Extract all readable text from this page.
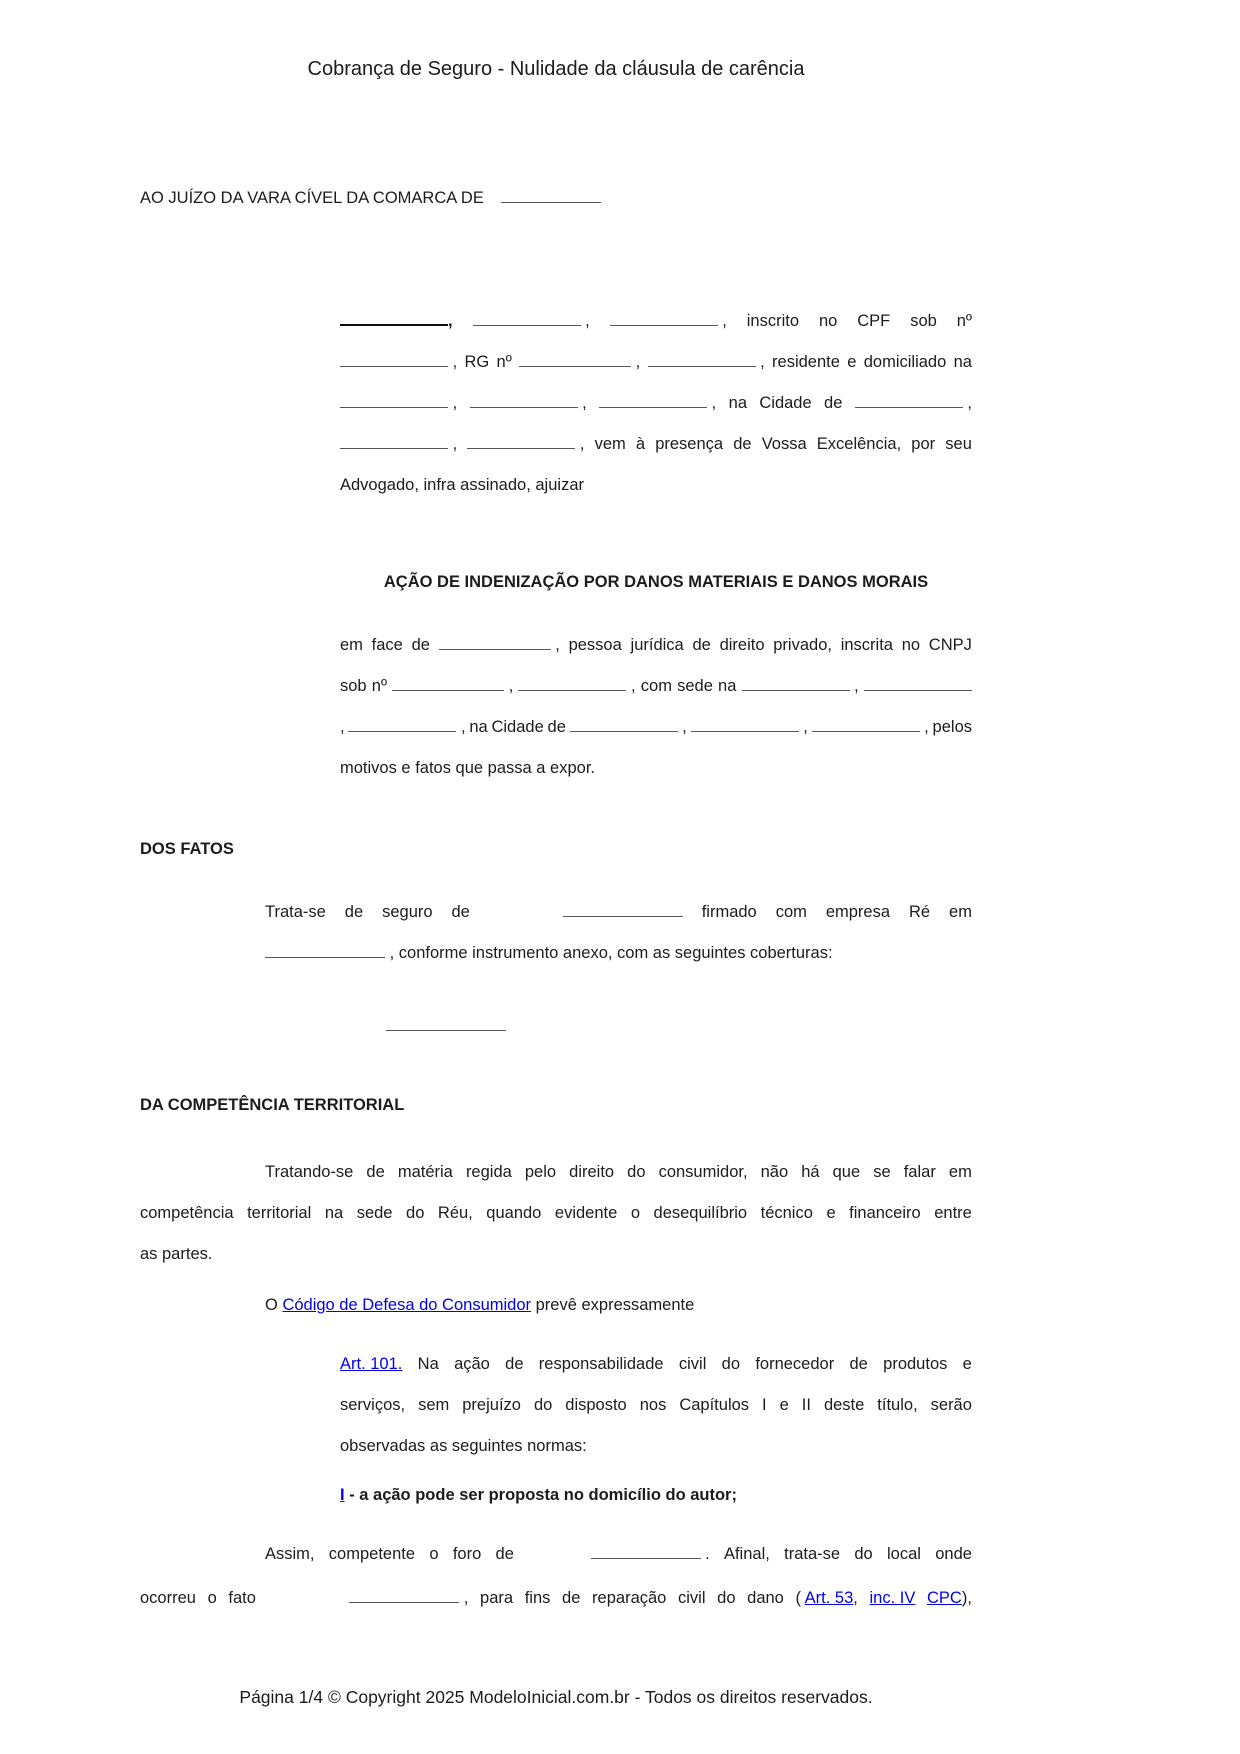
Cobrança de Seguro - Nulidade da cláusula de carência
AO JUÍZO DA VARA CÍVEL DA COMARCA DE
,	,	, inscrito no CPF sob nº
, RG nº	,	, residente e domiciliado na
,	,	, na Cidade de	,
,	, vem à presença de Vossa Excelência, por seu
Advogado, infra assinado, ajuizar
AÇÃO DE INDENIZAÇÃO POR DANOS MATERIAIS E DANOS MORAIS
em face de	, pessoa jurídica de direito privado, inscrita no CNPJ
sob nº	,	, com sede na	,
,	, na Cidade de	,	,	, pelos
motivos e fatos que passa a expor.
DOS FATOS
Trata-se de seguro de	firmado com empresa Ré em
, conforme instrumento anexo, com as seguintes coberturas:
DA COMPETÊNCIA TERRITORIAL
Tratando-se de matéria regida pelo direito do consumidor, não há que se falar em
competência territorial na sede do Réu, quando evidente o desequilíbrio técnico e financeiro entre
as partes.
O Código de Defesa do Consumidor prevê expressamente
Art. 101. Na ação de responsabilidade civil do fornecedor de produtos e
serviços, sem prejuízo do disposto nos Capítulos I e II deste título, serão
observadas as seguintes normas:
I - a ação pode ser proposta no domicílio do autor;
Assim, competente o foro de	. Afinal, trata-se do local onde
ocorreu o fato	, para fins de reparação civil do dano ( Art. 53, inc. IV CPC),
Página 1/4 © Copyright 2025 ModeloInicial.com.br - Todos os direitos reservados.
